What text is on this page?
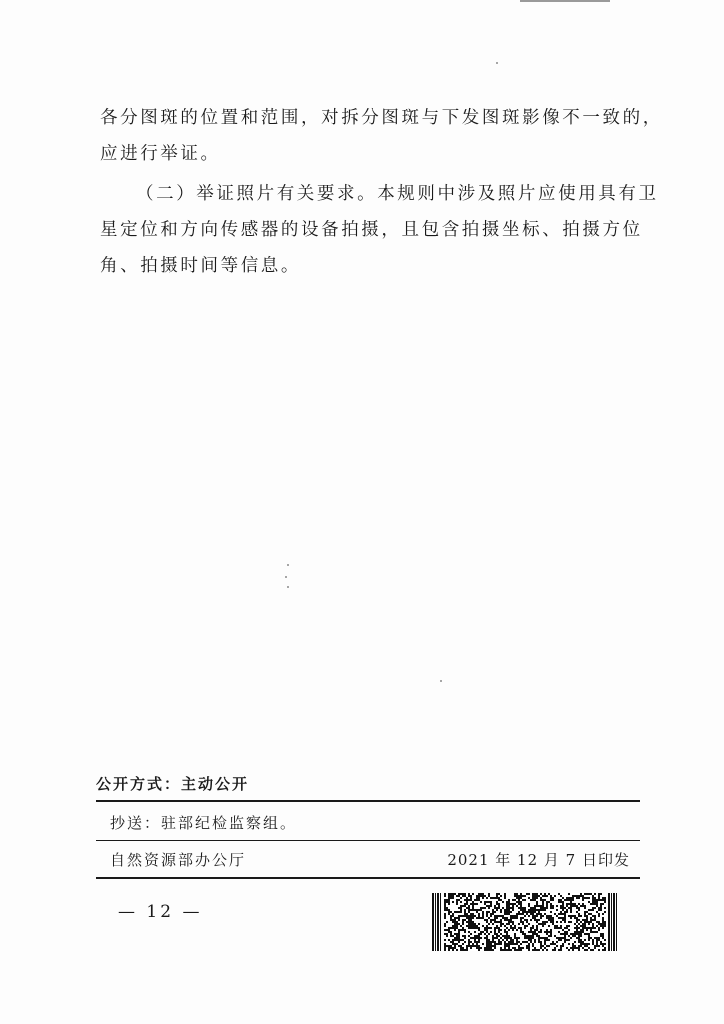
各分图斑的位置和范围，对拆分图斑与下发图斑影像不一致的，
应进行举证。

（二）举证照片有关要求。本规则中涉及照片应使用具有卫
星定位和方向传感器的设备拍摄，且包含拍摄坐标、拍摄方位
角、拍摄时间等信息。

公开方式：主动公开
抄送：驻部纪检监察组。
自然资源部办公厅	2021 年 12 月 7 日印发
— 12 —
